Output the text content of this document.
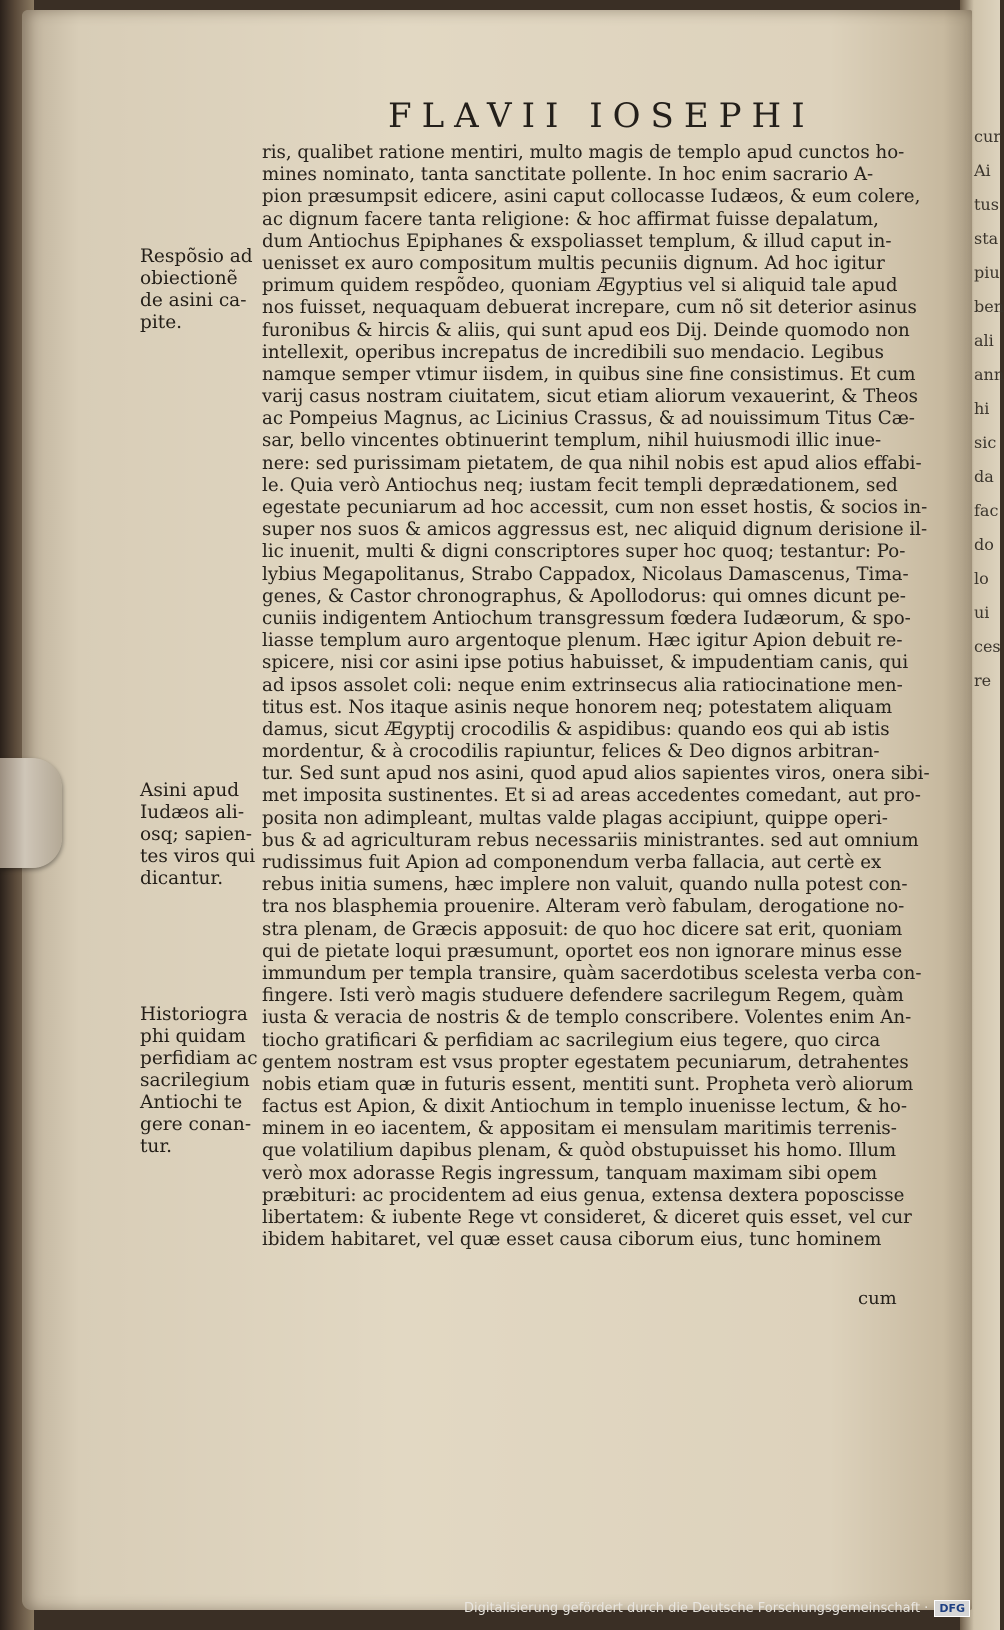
cur
Ai
tus
sta
piu
ben
ali
ann
hi
sic
da
fac
do
lo
ui
ces
re
FLAVII IOSEPHI
ris, qualibet ratione mentiri, multo magis de templo apud cunctos ho-
mines nominato, tanta sanctitate pollente. In hoc enim sacrario A-
pion præsumpsit edicere, asini caput collocasse Iudæos, & eum colere,
ac dignum facere tanta religione: & hoc affirmat fuisse depalatum,
dum Antiochus Epiphanes & exspoliasset templum, & illud caput in-
uenisset ex auro compositum multis pecuniis dignum. Ad hoc igitur
primum quidem respõdeo, quoniam Ægyptius vel si aliquid tale apud
nos fuisset, nequaquam debuerat increpare, cum nõ sit deterior asinus
furonibus & hircis & aliis, qui sunt apud eos Dij. Deinde quomodo non
intellexit, operibus increpatus de incredibili suo mendacio. Legibus
namque semper vtimur iisdem, in quibus sine fine consistimus. Et cum
varij casus nostram ciuitatem, sicut etiam aliorum vexauerint, & Theos
ac Pompeius Magnus, ac Licinius Crassus, & ad nouissimum Titus Cæ-
sar, bello vincentes obtinuerint templum, nihil huiusmodi illic inue-
nere: sed purissimam pietatem, de qua nihil nobis est apud alios effabi-
le. Quia verò Antiochus neq; iustam fecit templi deprædationem, sed
egestate pecuniarum ad hoc accessit, cum non esset hostis, & socios in-
super nos suos & amicos aggressus est, nec aliquid dignum derisione il-
lic inuenit, multi & digni conscriptores super hoc quoq; testantur: Po-
lybius Megapolitanus, Strabo Cappadox, Nicolaus Damascenus, Tima-
genes, & Castor chronographus, & Apollodorus: qui omnes dicunt pe-
cuniis indigentem Antiochum transgressum fœdera Iudæorum, & spo-
liasse templum auro argentoque plenum. Hæc igitur Apion debuit re-
spicere, nisi cor asini ipse potius habuisset, & impudentiam canis, qui
ad ipsos assolet coli: neque enim extrinsecus alia ratiocinatione men-
titus est. Nos itaque asinis neque honorem neq; potestatem aliquam
damus, sicut Ægyptij crocodilis & aspidibus: quando eos qui ab istis
mordentur, & à crocodilis rapiuntur, felices & Deo dignos arbitran-
tur. Sed sunt apud nos asini, quod apud alios sapientes viros, onera sibi-
met imposita sustinentes. Et si ad areas accedentes comedant, aut pro-
posita non adimpleant, multas valde plagas accipiunt, quippe operi-
bus & ad agriculturam rebus necessariis ministrantes. sed aut omnium
rudissimus fuit Apion ad componendum verba fallacia, aut certè ex
rebus initia sumens, hæc implere non valuit, quando nulla potest con-
tra nos blasphemia prouenire. Alteram verò fabulam, derogatione no-
stra plenam, de Græcis apposuit: de quo hoc dicere sat erit, quoniam
qui de pietate loqui præsumunt, oportet eos non ignorare minus esse
immundum per templa transire, quàm sacerdotibus scelesta verba con-
fingere. Isti verò magis studuere defendere sacrilegum Regem, quàm
iusta & veracia de nostris & de templo conscribere. Volentes enim An-
tiocho gratificari & perfidiam ac sacrilegium eius tegere, quo circa
gentem nostram est vsus propter egestatem pecuniarum, detrahentes
nobis etiam quæ in futuris essent, mentiti sunt. Propheta verò aliorum
factus est Apion, & dixit Antiochum in templo inuenisse lectum, & ho-
minem in eo iacentem, & appositam ei mensulam maritimis terrenis-
que volatilium dapibus plenam, & quòd obstupuisset his homo. Illum
verò mox adorasse Regis ingressum, tanquam maximam sibi opem
præbituri: ac procidentem ad eius genua, extensa dextera poposcisse
libertatem: & iubente Rege vt consideret, & diceret quis esset, vel cur
ibidem habitaret, vel quæ esset causa ciborum eius, tunc hominem
Respõsio ad
obiectionẽ
de asini ca-
pite.
Asini apud
Iudæos ali-
osq; sapien-
tes viros qui
dicantur.
Historiogra
phi quidam
perfidiam ac
sacrilegium
Antiochi te
gere conan-
tur.
cum
Digitalisierung gefördert durch die Deutsche Forschungsgemeinschaft ·	DFG
